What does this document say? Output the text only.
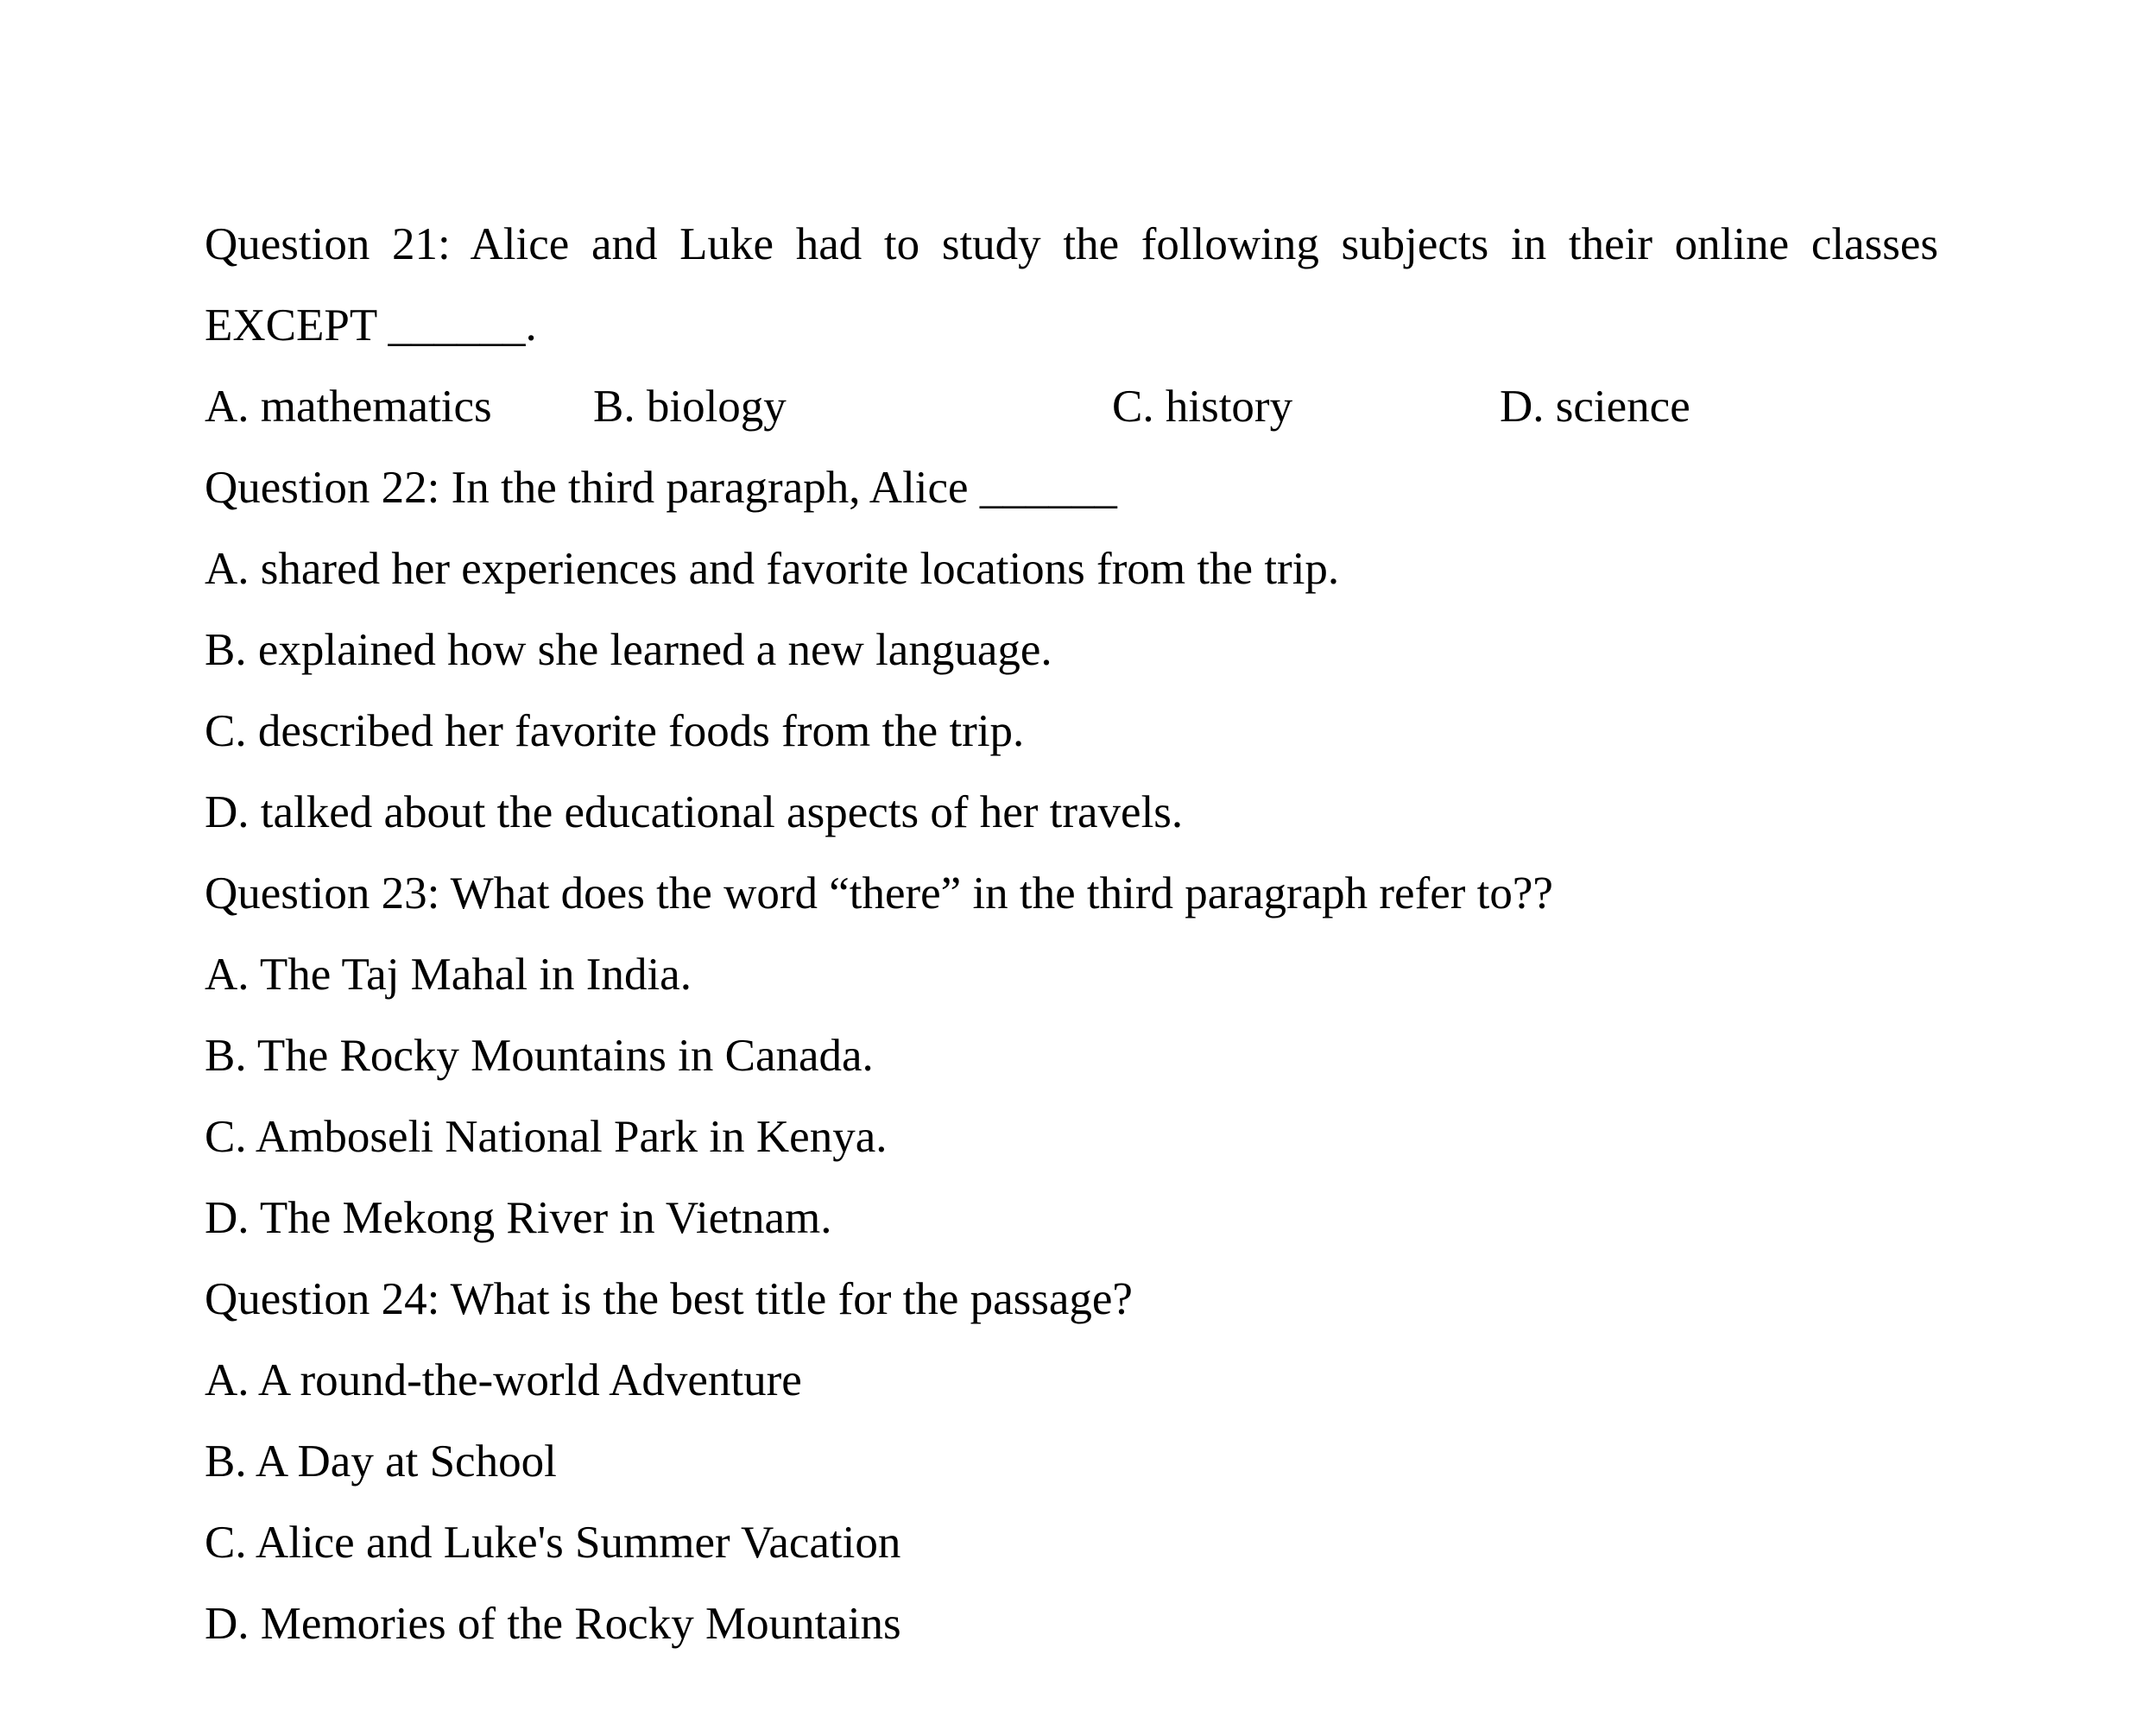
Question 21: Alice and Luke had to study the following subjects in their online classes
EXCEPT ______.
A. mathematics B. biology	C. history	D. science
Question 22: In the third paragraph, Alice ______
A. shared her experiences and favorite locations from the trip.
B. explained how she learned a new language.
C. described her favorite foods from the trip.
D. talked about the educational aspects of her travels.
Question 23: What does the word “there” in the third paragraph refer to??
A. The Taj Mahal in India.
B. The Rocky Mountains in Canada.
C. Amboseli National Park in Kenya.
D. The Mekong River in Vietnam.
Question 24: What is the best title for the passage?
A. A round-the-world Adventure
B. A Day at School
C. Alice and Luke's Summer Vacation
D. Memories of the Rocky Mountains
